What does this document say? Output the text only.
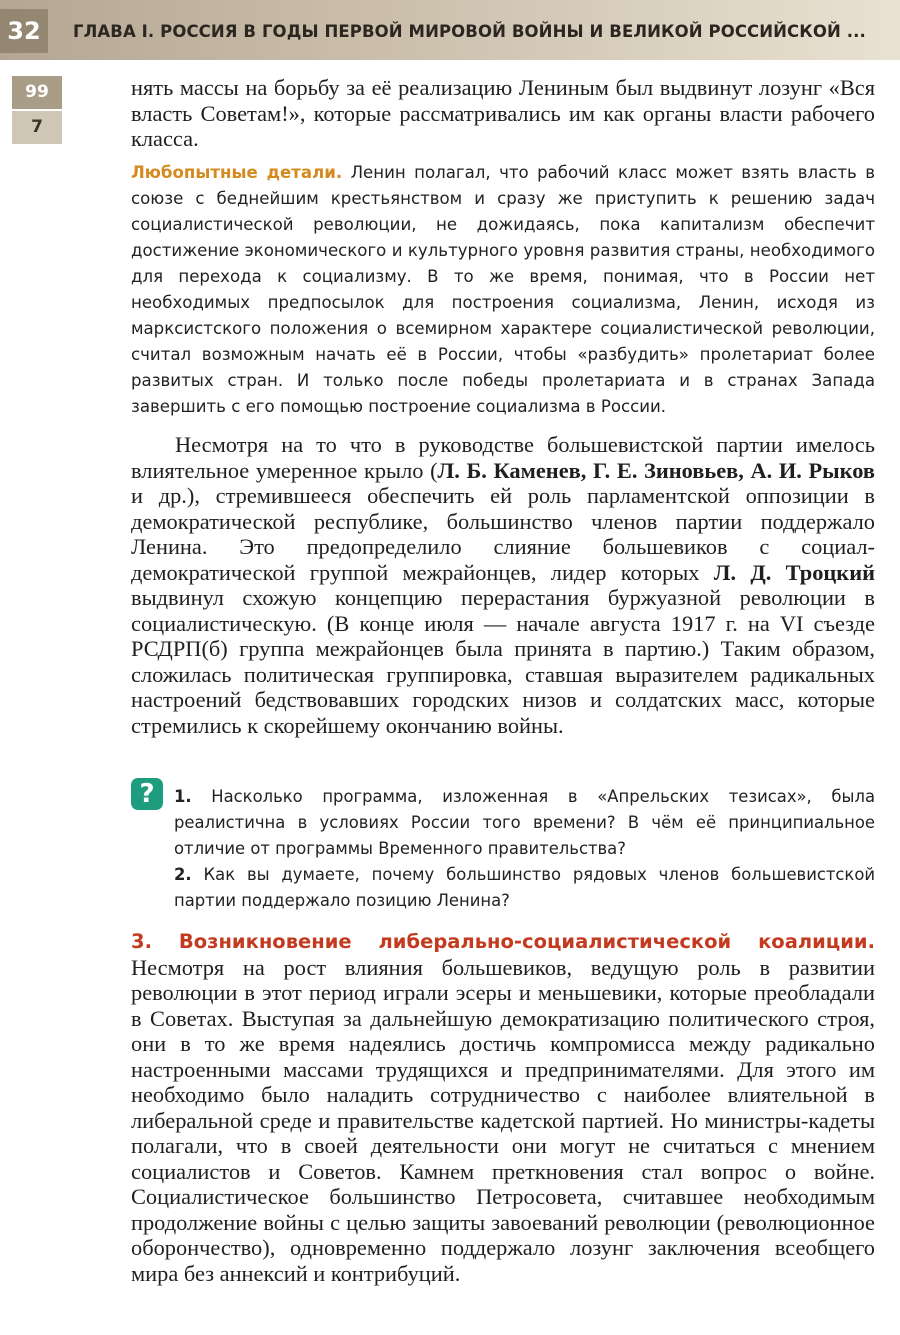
32	ГЛАВА I. РОССИЯ В ГОДЫ ПЕРВОЙ МИРОВОЙ ВОЙНЫ И ВЕЛИКОЙ РОССИЙСКОЙ ...
99
7

нять массы на борьбу за её реализацию Лениным был выдвинут лозунг «Вся власть Советам!», которые рассматривались им как органы власти рабочего класса.

Любопытные детали. Ленин полагал, что рабочий класс может взять власть в союзе с беднейшим крестьянством и сразу же приступить к решению задач социалистической революции, не дожидаясь, пока капитализм обеспечит достижение экономического и культурного уровня развития страны, необходимого для перехода к социализму. В то же время, понимая, что в России нет необходимых предпосылок для построения социализма, Ленин, исходя из марксистского положения о всемирном характере социалистической революции, считал возможным начать её в России, чтобы «разбудить» пролетариат более развитых стран. И только после победы пролетариата и в странах Запада завершить с его помощью построение социализма в России.

Несмотря на то что в руководстве большевистской партии имелось влиятельное умеренное крыло (Л. Б. Каменев, Г. Е. Зиновьев, А. И. Рыков и др.), стремившееся обеспечить ей роль парламентской оппозиции в демократической республике, большинство членов партии поддержало Ленина. Это предопределило слияние большевиков с социал-демократической группой межрайонцев, лидер которых Л. Д. Троцкий выдвинул схожую концепцию перерастания буржуазной революции в социалистическую. (В конце июля — начале августа 1917 г. на VI съезде РСДРП(б) группа межрайонцев была принята в партию.) Таким образом, сложилась политическая группировка, ставшая выразителем радикальных настроений бедствовавших городских низов и солдатских масс, которые стремились к скорейшему окончанию войны.

?	1. Насколько программа, изложенная в «Апрельских тезисах», была реалистична в условиях России того времени? В чём её принципиальное отличие от программы Временного правительства?

2. Как вы думаете, почему большинство рядовых членов большевистской партии поддержало позицию Ленина?

3. Возникновение либерально-социалистической коалиции. Несмотря на рост влияния большевиков, ведущую роль в развитии революции в этот период играли эсеры и меньшевики, которые преобладали в Советах. Выступая за дальнейшую демократизацию политического строя, они в то же время надеялись достичь компромисса между радикально настроенными массами трудящихся и предпринимателями. Для этого им необходимо было наладить сотрудничество с наиболее влиятельной в либеральной среде и правительстве кадетской партией. Но министры-кадеты полагали, что в своей деятельности они могут не считаться с мнением социалистов и Советов. Камнем преткновения стал вопрос о войне. Социалистическое большинство Петросовета, считавшее необходимым продолжение войны с целью защиты завоеваний революции (революционное оборончество), одновременно поддержало лозунг заключения всеобщего мира без аннексий и контрибуций.
